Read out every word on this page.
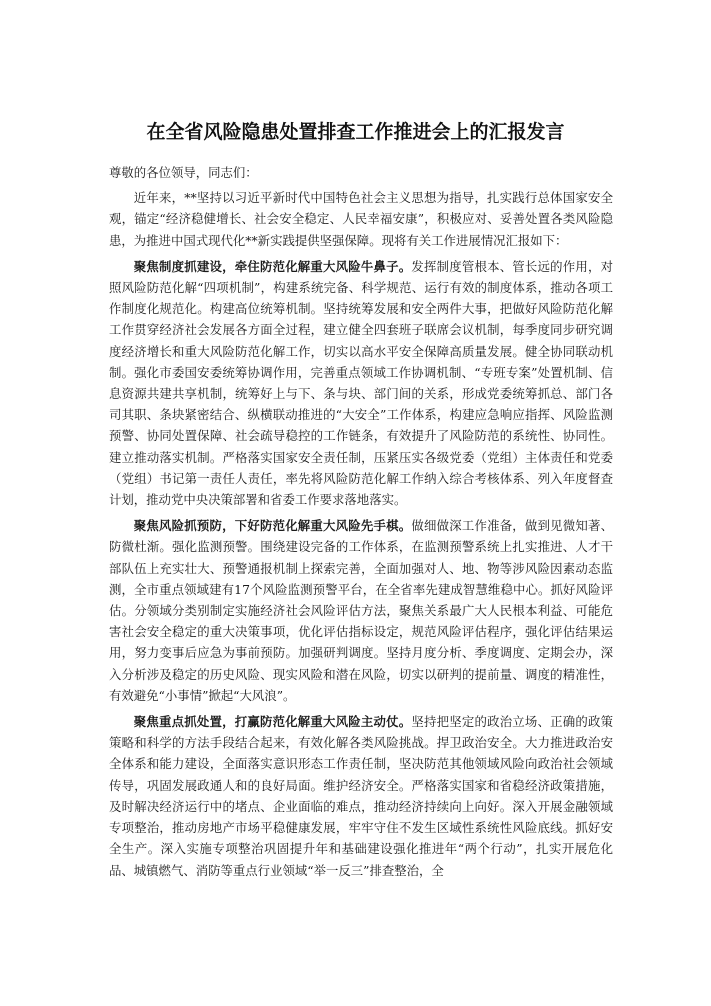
在全省风险隐患处置排查工作推进会上的汇报发言

尊敬的各位领导，同志们：

近年来，**坚持以习近平新时代中国特色社会主义思想为指导，扎实践行总体国家安全观，锚定“经济稳健增长、社会安全稳定、人民幸福安康”，积极应对、妥善处置各类风险隐患，为推进中国式现代化**新实践提供坚强保障。现将有关工作进展情况汇报如下：

聚焦制度抓建设，牵住防范化解重大风险牛鼻子。发挥制度管根本、管长远的作用，对照风险防范化解“四项机制”，构建系统完备、科学规范、运行有效的制度体系，推动各项工作制度化规范化。构建高位统筹机制。坚持统筹发展和安全两件大事，把做好风险防范化解工作贯穿经济社会发展各方面全过程，建立健全四套班子联席会议机制，每季度同步研究调度经济增长和重大风险防范化解工作，切实以高水平安全保障高质量发展。健全协同联动机制。强化市委国安委统筹协调作用，完善重点领域工作协调机制、“专班专案”处置机制、信息资源共建共享机制，统筹好上与下、条与块、部门间的关系，形成党委统筹抓总、部门各司其职、条块紧密结合、纵横联动推进的“大安全”工作体系，构建应急响应指挥、风险监测预警、协同处置保障、社会疏导稳控的工作链条，有效提升了风险防范的系统性、协同性。建立推动落实机制。严格落实国家安全责任制，压紧压实各级党委（党组）主体责任和党委（党组）书记第一责任人责任，率先将风险防范化解工作纳入综合考核体系、列入年度督查计划，推动党中央决策部署和省委工作要求落地落实。

聚焦风险抓预防，下好防范化解重大风险先手棋。做细做深工作准备，做到见微知著、防微杜渐。强化监测预警。围绕建设完备的工作体系，在监测预警系统上扎实推进、人才干部队伍上充实壮大、预警通报机制上探索完善，全面加强对人、地、物等涉风险因素动态监测，全市重点领域建有17个风险监测预警平台，在全省率先建成智慧维稳中心。抓好风险评估。分领域分类别制定实施经济社会风险评估方法，聚焦关系最广大人民根本利益、可能危害社会安全稳定的重大决策事项，优化评估指标设定，规范风险评估程序，强化评估结果运用，努力变事后应急为事前预防。加强研判调度。坚持月度分析、季度调度、定期会办，深入分析涉及稳定的历史风险、现实风险和潜在风险，切实以研判的提前量、调度的精准性，有效避免“小事情”掀起“大风浪”。

聚焦重点抓处置，打赢防范化解重大风险主动仗。坚持把坚定的政治立场、正确的政策策略和科学的方法手段结合起来，有效化解各类风险挑战。捍卫政治安全。大力推进政治安全体系和能力建设，全面落实意识形态工作责任制，坚决防范其他领域风险向政治社会领域传导，巩固发展政通人和的良好局面。维护经济安全。严格落实国家和省稳经济政策措施，及时解决经济运行中的堵点、企业面临的难点，推动经济持续向上向好。深入开展金融领域专项整治，推动房地产市场平稳健康发展，牢牢守住不发生区域性系统性风险底线。抓好安全生产。深入实施专项整治巩固提升年和基础建设强化推进年“两个行动”，扎实开展危化品、城镇燃气、消防等重点行业领域“举一反三”排查整治，全
